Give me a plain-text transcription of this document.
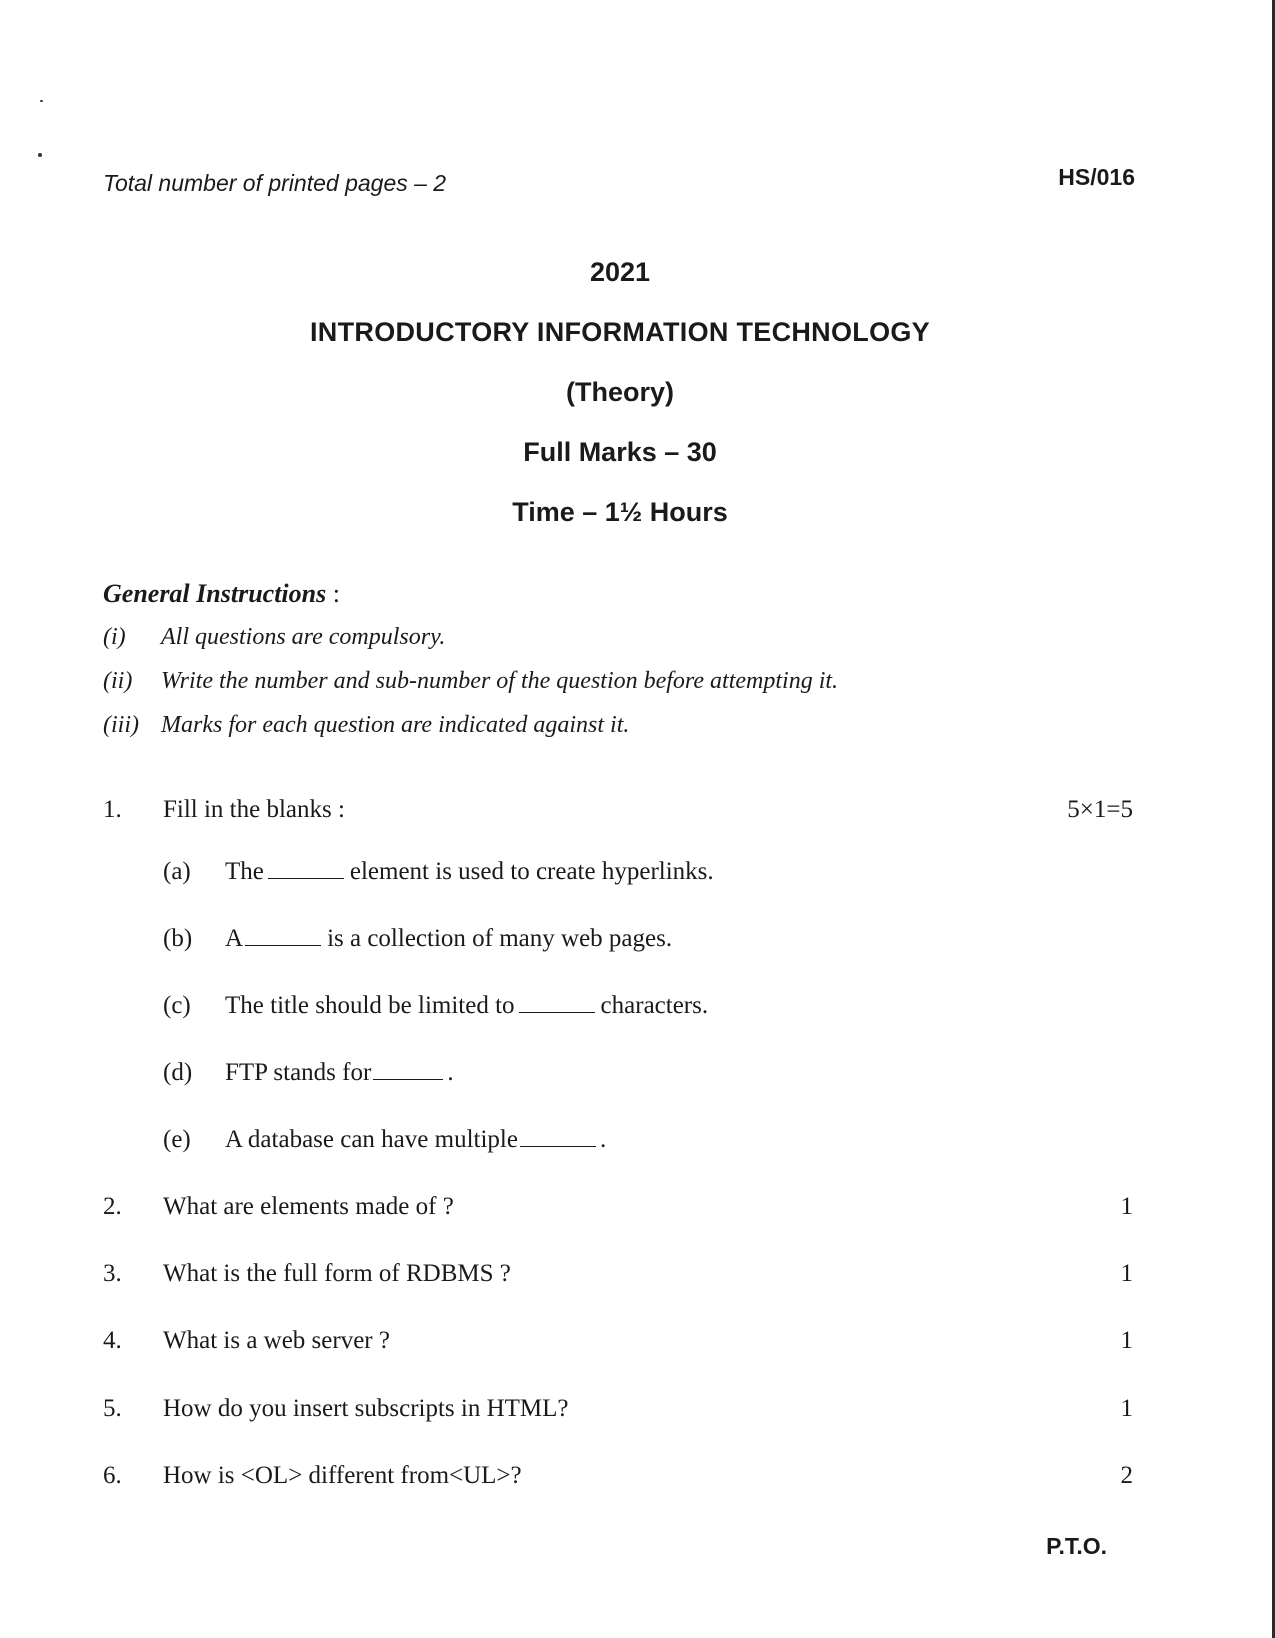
Total number of printed pages – 2	HS/016
2021
INTRODUCTORY INFORMATION TECHNOLOGY
(Theory)
Full Marks – 30
Time – 1½ Hours
General Instructions :
(i) All questions are compulsory.
(ii) Write the number and sub-number of the question before attempting it.
(iii) Marks for each question are indicated against it.
1. Fill in the blanks :	5×1=5
(a) The	element is used to create hyperlinks.
(b) A	is a collection of many web pages.
(c) The title should be limited to	characters.
(d) FTP stands for	.
(e) A database can have multiple	.
2. What are elements made of ?	1
3. What is the full form of RDBMS ?	1
4. What is a web server ?	1
5. How do you insert subscripts in HTML?	1
6. How is <OL> different from<UL>?	2
P.T.O.
